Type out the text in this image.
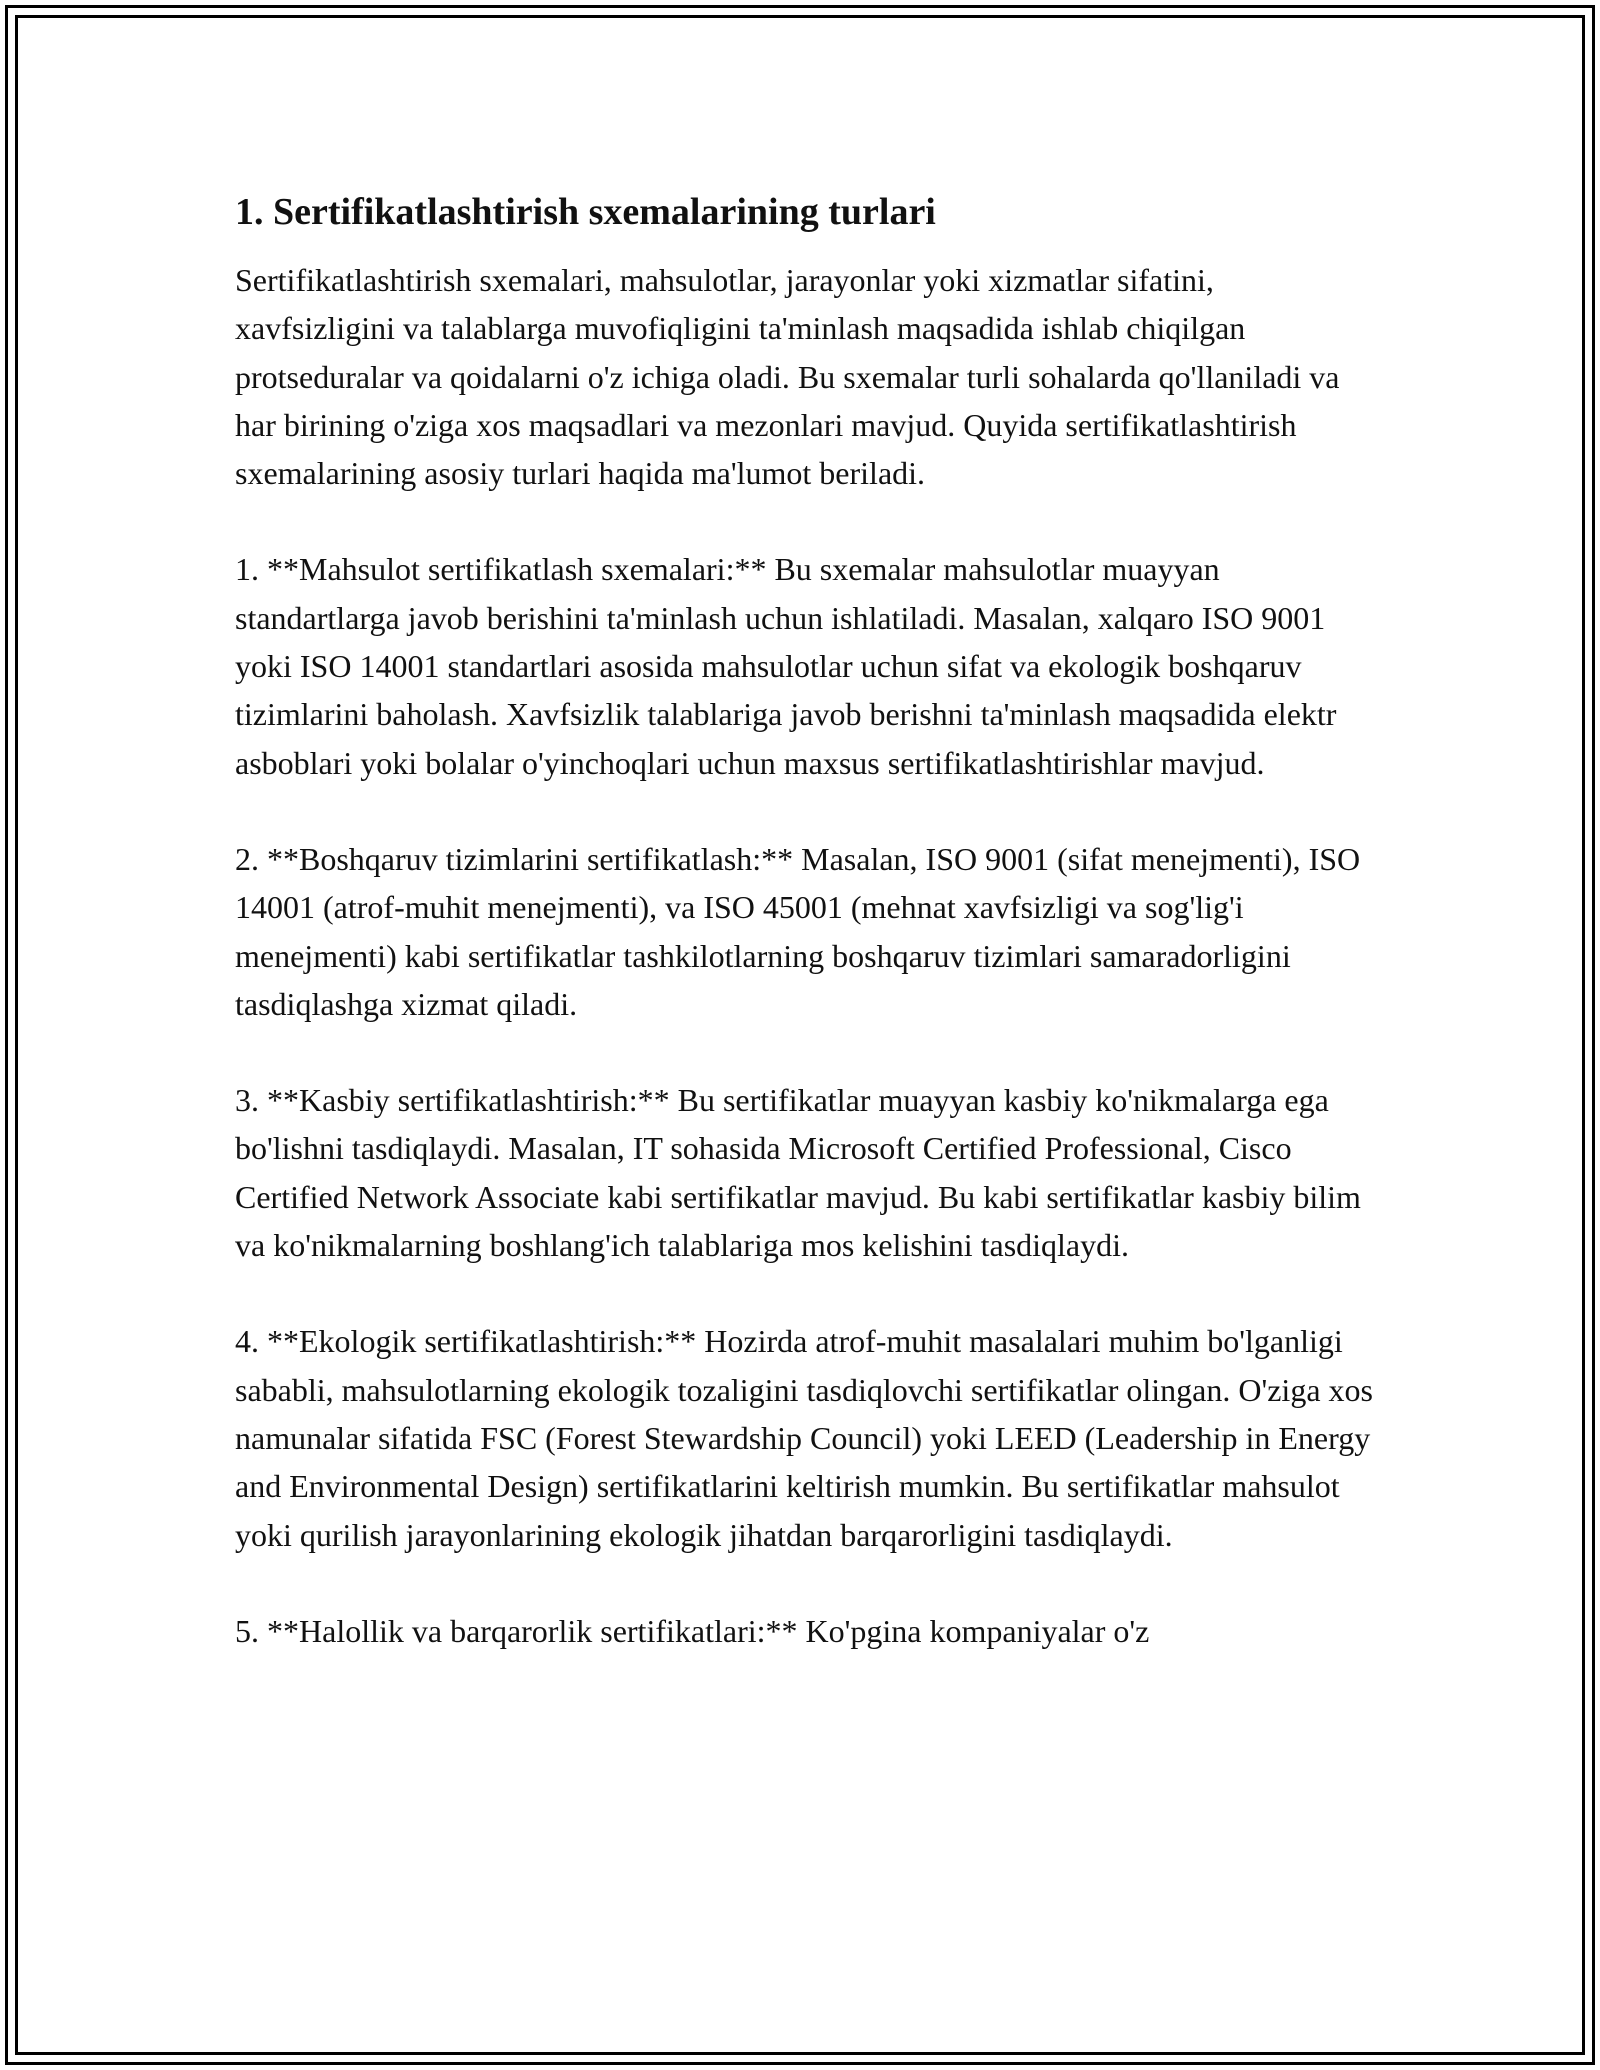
1. Sertifikatlashtirish sxemalarining turlari

Sertifikatlashtirish sxemalari, mahsulotlar, jarayonlar yoki xizmatlar sifatini, xavfsizligini va talablarga muvofiqligini ta'minlash maqsadida ishlab chiqilgan protseduralar va qoidalarni o'z ichiga oladi. Bu sxemalar turli sohalarda qo'llaniladi va har birining o'ziga xos maqsadlari va mezonlari mavjud. Quyida sertifikatlashtirish sxemalarining asosiy turlari haqida ma'lumot beriladi.

1. **Mahsulot sertifikatlash sxemalari:** Bu sxemalar mahsulotlar muayyan standartlarga javob berishini ta'minlash uchun ishlatiladi. Masalan, xalqaro ISO 9001 yoki ISO 14001 standartlari asosida mahsulotlar uchun sifat va ekologik boshqaruv tizimlarini baholash. Xavfsizlik talablariga javob berishni ta'minlash maqsadida elektr asboblari yoki bolalar o'yinchoqlari uchun maxsus sertifikatlashtirishlar mavjud.

2. **Boshqaruv tizimlarini sertifikatlash:** Masalan, ISO 9001 (sifat menejmenti), ISO 14001 (atrof-muhit menejmenti), va ISO 45001 (mehnat xavfsizligi va sog'lig'i menejmenti) kabi sertifikatlar tashkilotlarning boshqaruv tizimlari samaradorligini tasdiqlashga xizmat qiladi.

3. **Kasbiy sertifikatlashtirish:** Bu sertifikatlar muayyan kasbiy ko'nikmalarga ega bo'lishni tasdiqlaydi. Masalan, IT sohasida Microsoft Certified Professional, Cisco Certified Network Associate kabi sertifikatlar mavjud. Bu kabi sertifikatlar kasbiy bilim va ko'nikmalarning boshlang'ich talablariga mos kelishini tasdiqlaydi.

4. **Ekologik sertifikatlashtirish:** Hozirda atrof-muhit masalalari muhim bo'lganligi sababli, mahsulotlarning ekologik tozaligini tasdiqlovchi sertifikatlar olingan. O'ziga xos namunalar sifatida FSC (Forest Stewardship Council) yoki LEED (Leadership in Energy and Environmental Design) sertifikatlarini keltirish mumkin. Bu sertifikatlar mahsulot yoki qurilish jarayonlarining ekologik jihatdan barqarorligini tasdiqlaydi.

5. **Halollik va barqarorlik sertifikatlari:** Ko'pgina kompaniyalar o'z
